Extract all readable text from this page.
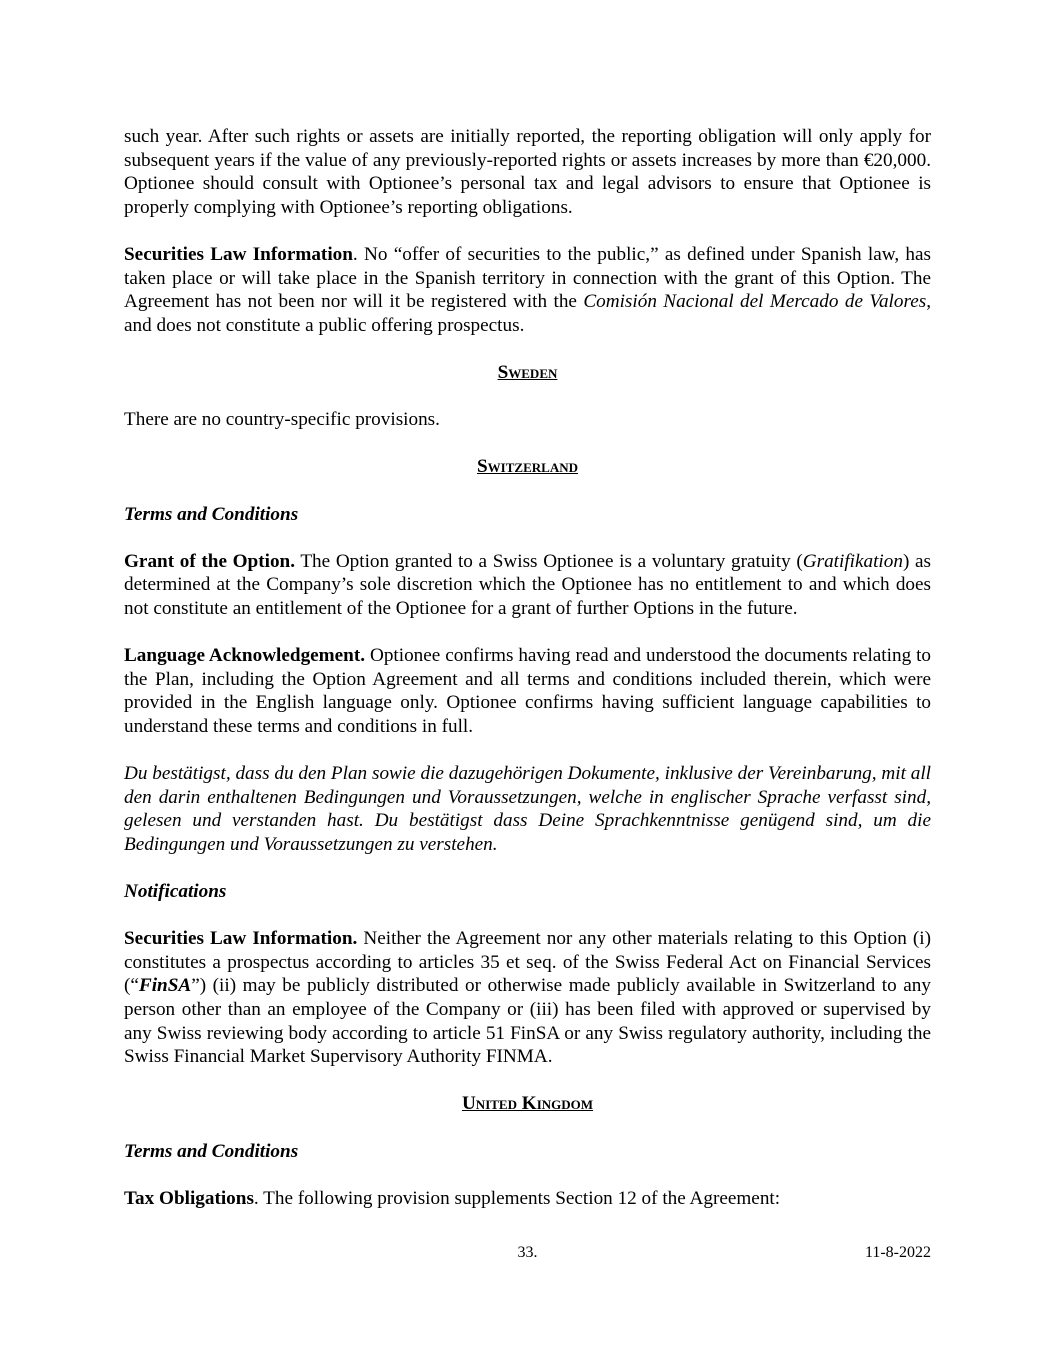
such year. After such rights or assets are initially reported, the reporting obligation will only apply for subsequent years if the value of any previously-reported rights or assets increases by more than €20,000. Optionee should consult with Optionee’s personal tax and legal advisors to ensure that Optionee is properly complying with Optionee’s reporting obligations.

Securities Law Information. No “offer of securities to the public,” as defined under Spanish law, has taken place or will take place in the Spanish territory in connection with the grant of this Option. The Agreement has not been nor will it be registered with the Comisión Nacional del Mercado de Valores, and does not constitute a public offering prospectus.

Sweden

There are no country-specific provisions.

Switzerland

Terms and Conditions

Grant of the Option. The Option granted to a Swiss Optionee is a voluntary gratuity (Gratifikation) as determined at the Company’s sole discretion which the Optionee has no entitlement to and which does not constitute an entitlement of the Optionee for a grant of further Options in the future.

Language Acknowledgement. Optionee confirms having read and understood the documents relating to the Plan, including the Option Agreement and all terms and conditions included therein, which were provided in the English language only. Optionee confirms having sufficient language capabilities to understand these terms and conditions in full.

Du bestätigst, dass du den Plan sowie die dazugehörigen Dokumente, inklusive der Vereinbarung, mit all den darin enthaltenen Bedingungen und Voraussetzungen, welche in englischer Sprache verfasst sind, gelesen und verstanden hast. Du bestätigst dass Deine Sprachkenntnisse genügend sind, um die Bedingungen und Voraussetzungen zu verstehen.

Notifications

Securities Law Information. Neither the Agreement nor any other materials relating to this Option (i) constitutes a prospectus according to articles 35 et seq. of the Swiss Federal Act on Financial Services (“FinSA”) (ii) may be publicly distributed or otherwise made publicly available in Switzerland to any person other than an employee of the Company or (iii) has been filed with approved or supervised by any Swiss reviewing body according to article 51 FinSA or any Swiss regulatory authority, including the Swiss Financial Market Supervisory Authority FINMA.

United Kingdom

Terms and Conditions

Tax Obligations. The following provision supplements Section 12 of the Agreement:

33.	11-8-2022
